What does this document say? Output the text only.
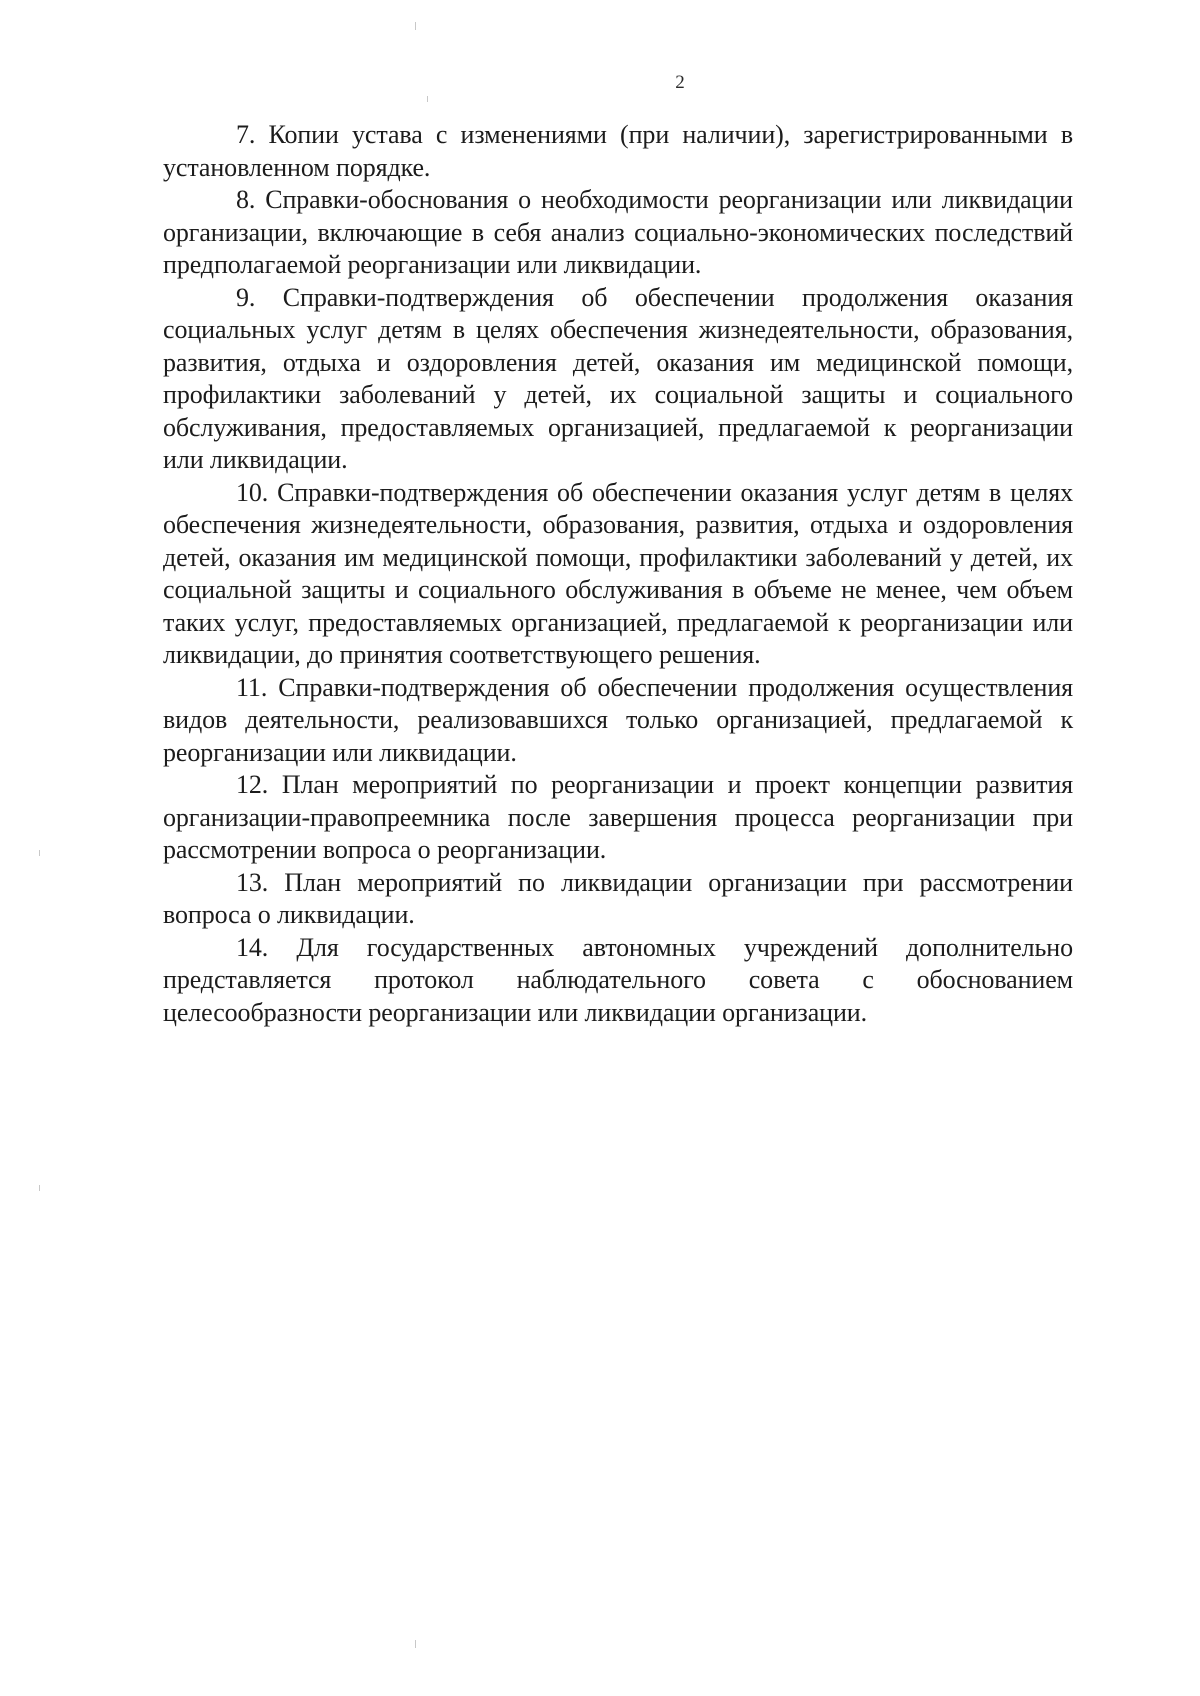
2

7. Копии устава с изменениями (при наличии), зарегистрированными в установленном порядке.

8. Справки-обоснования о необходимости реорганизации или ликвидации организации, включающие в себя анализ социально-экономических последствий предполагаемой реорганизации или ликвидации.

9. Справки-подтверждения об обеспечении продолжения оказания социальных услуг детям в целях обеспечения жизнедеятельности, образования, развития, отдыха и оздоровления детей, оказания им медицинской помощи, профилактики заболеваний у детей, их социальной защиты и социального обслуживания, предоставляемых организацией, предлагаемой к реорганизации или ликвидации.

10. Справки-подтверждения об обеспечении оказания услуг детям в целях обеспечения жизнедеятельности, образования, развития, отдыха и оздоровления детей, оказания им медицинской помощи, профилактики заболеваний у детей, их социальной защиты и социального обслуживания в объеме не менее, чем объем таких услуг, предоставляемых организацией, предлагаемой к реорганизации или ликвидации, до принятия соответствующего решения.

11. Справки-подтверждения об обеспечении продолжения осуществления видов деятельности, реализовавшихся только организацией, предлагаемой к реорганизации или ликвидации.

12. План мероприятий по реорганизации и проект концепции развития организации-правопреемника после завершения процесса реорганизации при рассмотрении вопроса о реорганизации.

13. План мероприятий по ликвидации организации при рассмотрении вопроса о ликвидации.

14. Для государственных автономных учреждений дополнительно представляется протокол наблюдательного совета с обоснованием целесообразности реорганизации или ликвидации организации.
